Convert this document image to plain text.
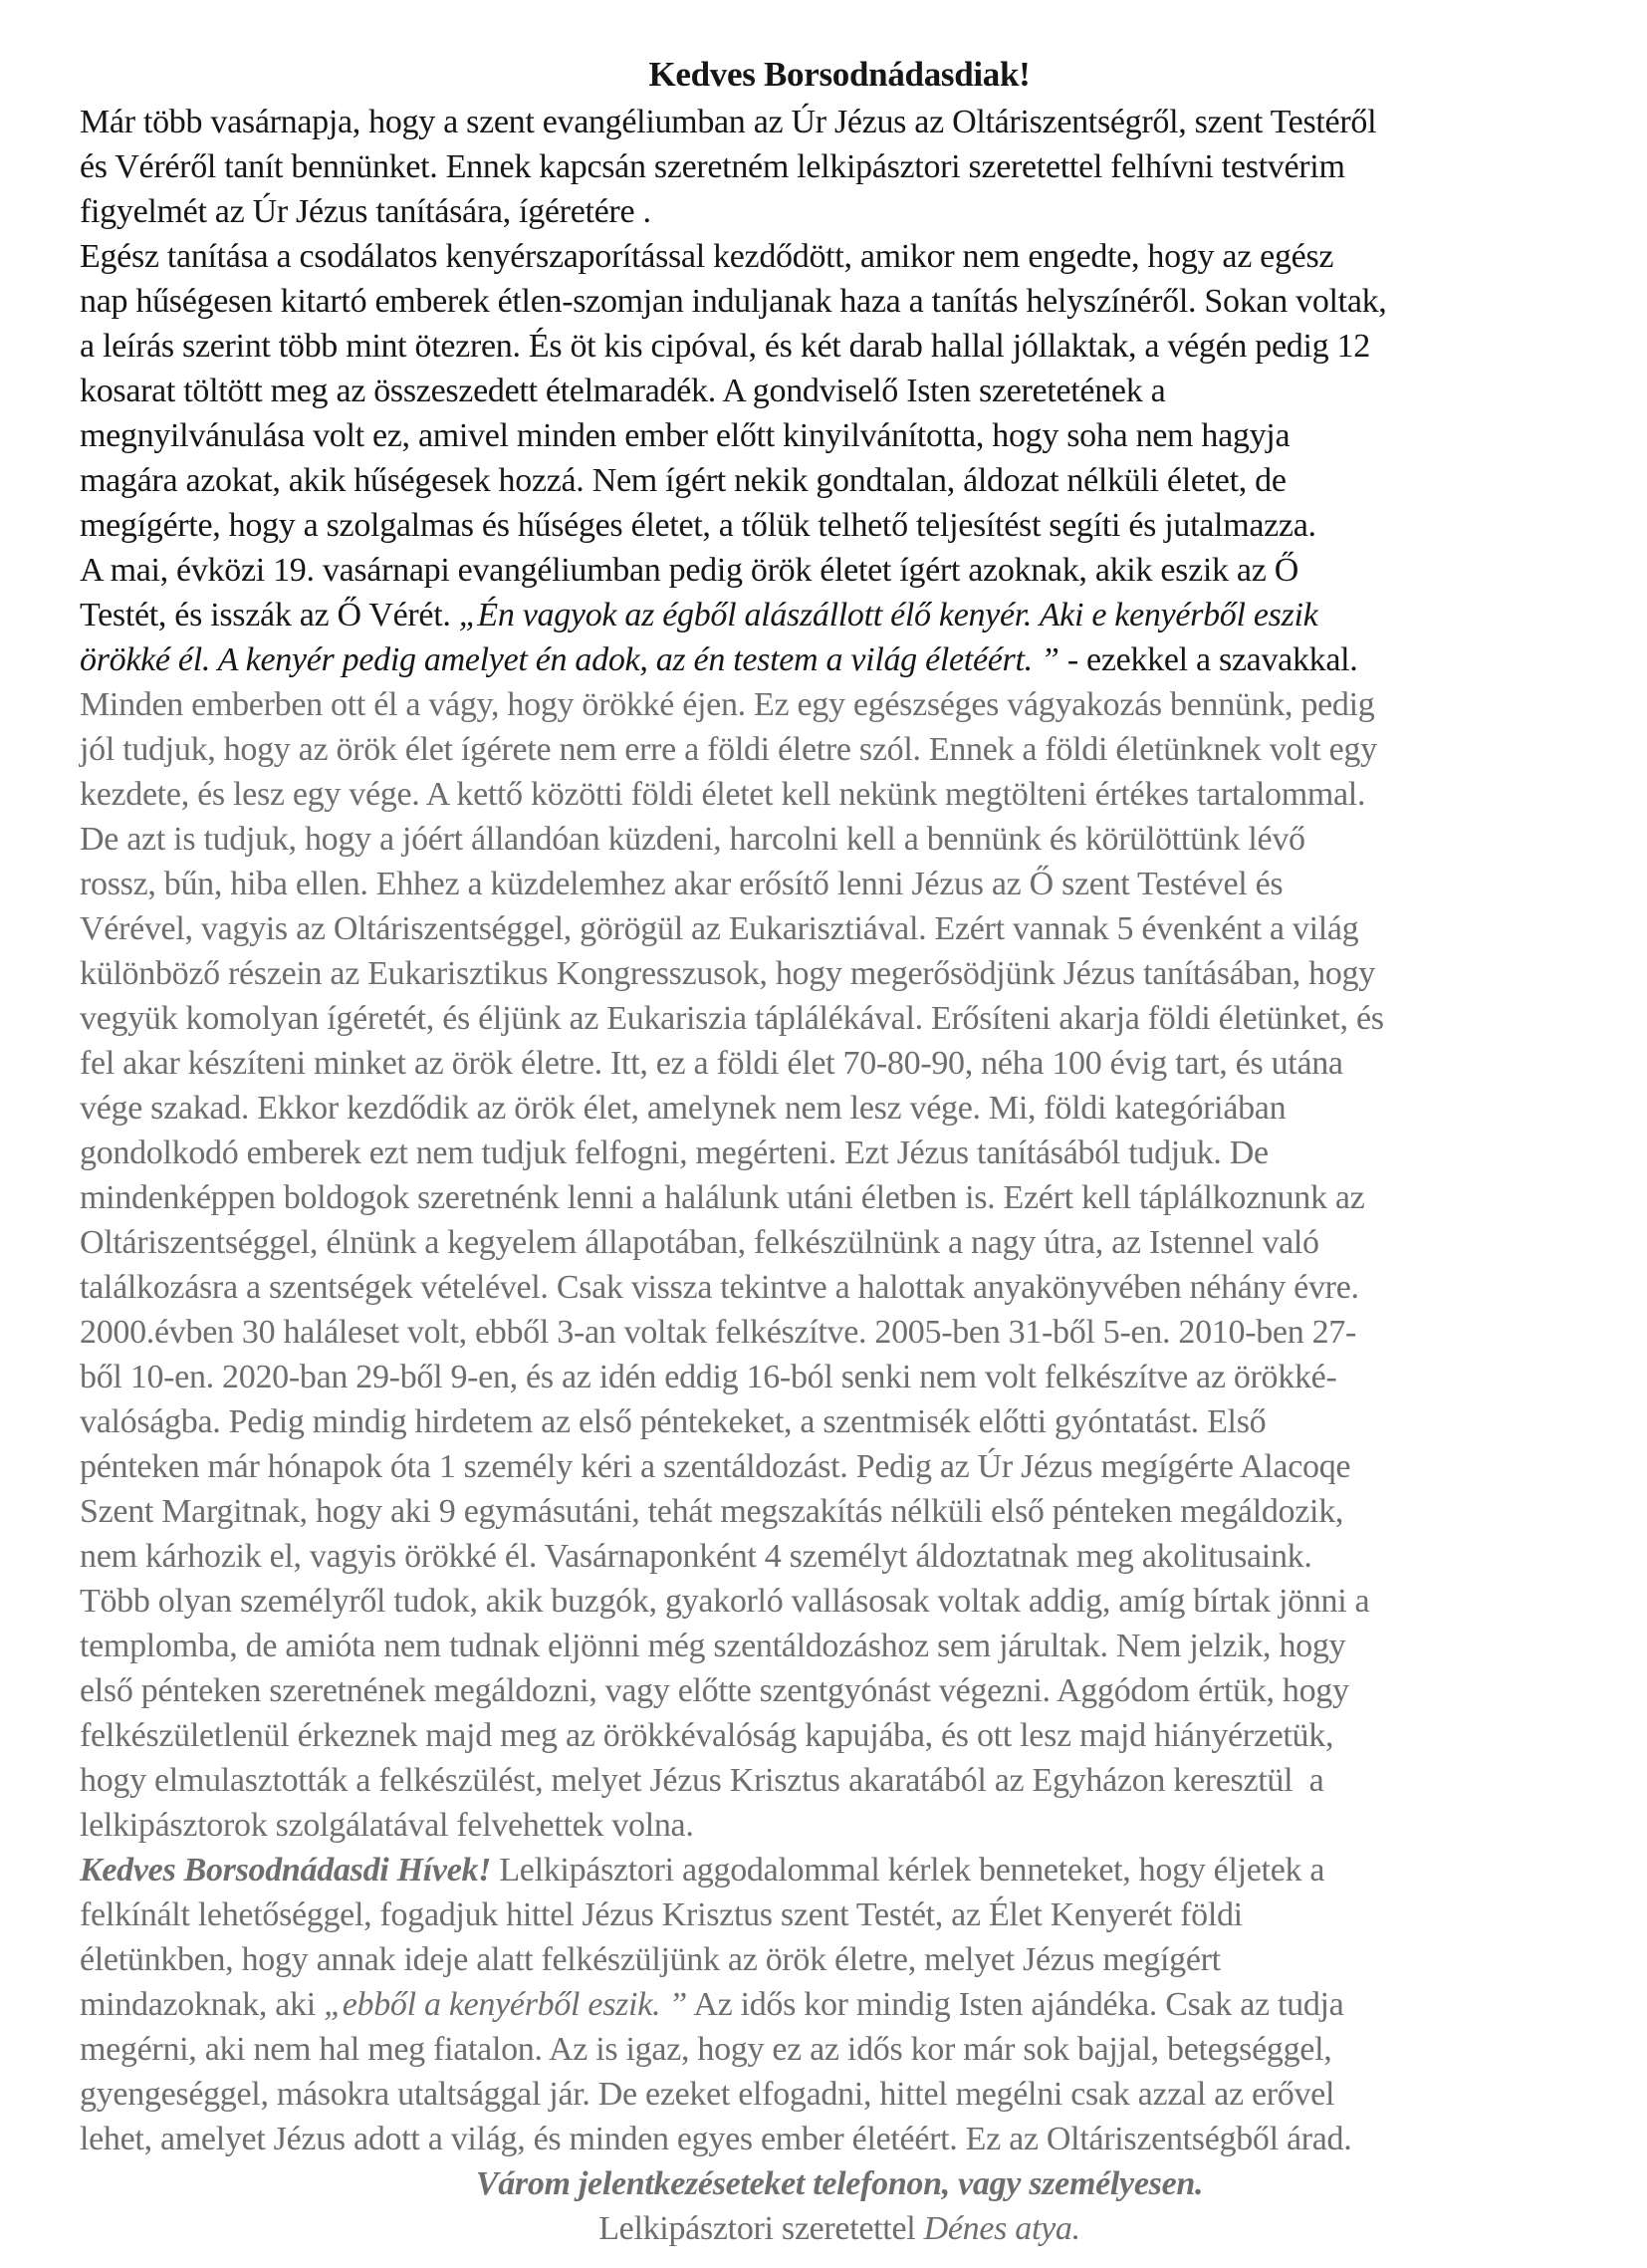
Kedves Borsodnádasdiak!
Már több vasárnapja, hogy a szent evangéliumban az Úr Jézus az Oltáriszentségről, szent Testéről
és Véréről tanít bennünket. Ennek kapcsán szeretném lelkipásztori szeretettel felhívni testvérim
figyelmét az Úr Jézus tanítására, ígéretére .
Egész tanítása a csodálatos kenyérszaporítással kezdődött, amikor nem engedte, hogy az egész
nap hűségesen kitartó emberek étlen-szomjan induljanak haza a tanítás helyszínéről. Sokan voltak,
a leírás szerint több mint ötezren. És öt kis cipóval, és két darab hallal jóllaktak, a végén pedig 12
kosarat töltött meg az összeszedett ételmaradék. A gondviselő Isten szeretetének a
megnyilvánulása volt ez, amivel minden ember előtt kinyilvánította, hogy soha nem hagyja
magára azokat, akik hűségesek hozzá. Nem ígért nekik gondtalan, áldozat nélküli életet, de
megígérte, hogy a szolgalmas és hűséges életet, a tőlük telhető teljesítést segíti és jutalmazza.
A mai, évközi 19. vasárnapi evangéliumban pedig örök életet ígért azoknak, akik eszik az Ő
Testét, és isszák az Ő Vérét. „Én vagyok az égből alászállott élő kenyér. Aki e kenyérből eszik
örökké él. A kenyér pedig amelyet én adok, az én testem a világ életéért. ” - ezekkel a szavakkal.
Minden emberben ott él a vágy, hogy örökké éjen. Ez egy egészséges vágyakozás bennünk, pedig
jól tudjuk, hogy az örök élet ígérete nem erre a földi életre szól. Ennek a földi életünknek volt egy
kezdete, és lesz egy vége. A kettő közötti földi életet kell nekünk megtölteni értékes tartalommal.
De azt is tudjuk, hogy a jóért állandóan küzdeni, harcolni kell a bennünk és körülöttünk lévő
rossz, bűn, hiba ellen. Ehhez a küzdelemhez akar erősítő lenni Jézus az Ő szent Testével és
Vérével, vagyis az Oltáriszentséggel, görögül az Eukarisztiával. Ezért vannak 5 évenként a világ
különböző részein az Eukarisztikus Kongresszusok, hogy megerősödjünk Jézus tanításában, hogy
vegyük komolyan ígéretét, és éljünk az Eukariszia táplálékával. Erősíteni akarja földi életünket, és
fel akar készíteni minket az örök életre. Itt, ez a földi élet 70-80-90, néha 100 évig tart, és utána
vége szakad. Ekkor kezdődik az örök élet, amelynek nem lesz vége. Mi, földi kategóriában
gondolkodó emberek ezt nem tudjuk felfogni, megérteni. Ezt Jézus tanításából tudjuk. De
mindenképpen boldogok szeretnénk lenni a halálunk utáni életben is. Ezért kell táplálkoznunk az
Oltáriszentséggel, élnünk a kegyelem állapotában, felkészülnünk a nagy útra, az Istennel való
találkozásra a szentségek vételével. Csak vissza tekintve a halottak anyakönyvében néhány évre.
2000.évben 30 haláleset volt, ebből 3-an voltak felkészítve. 2005-ben 31-ből 5-en. 2010-ben 27-
ből 10-en. 2020-ban 29-ből 9-en, és az idén eddig 16-ból senki nem volt felkészítve az örökké-
valóságba. Pedig mindig hirdetem az első péntekeket, a szentmisék előtti gyóntatást. Első
pénteken már hónapok óta 1 személy kéri a szentáldozást. Pedig az Úr Jézus megígérte Alacoqe
Szent Margitnak, hogy aki 9 egymásutáni, tehát megszakítás nélküli első pénteken megáldozik,
nem kárhozik el, vagyis örökké él. Vasárnaponként 4 személyt áldoztatnak meg akolitusaink.
Több olyan személyről tudok, akik buzgók, gyakorló vallásosak voltak addig, amíg bírtak jönni a
templomba, de amióta nem tudnak eljönni még szentáldozáshoz sem járultak. Nem jelzik, hogy
első pénteken szeretnének megáldozni, vagy előtte szentgyónást végezni. Aggódom értük, hogy
felkészületlenül érkeznek majd meg az örökkévalóság kapujába, és ott lesz majd hiányérzetük,
hogy elmulasztották a felkészülést, melyet Jézus Krisztus akaratából az Egyházon keresztül  a
lelkipásztorok szolgálatával felvehettek volna.
Kedves Borsodnádasdi Hívek! Lelkipásztori aggodalommal kérlek benneteket, hogy éljetek a
felkínált lehetőséggel, fogadjuk hittel Jézus Krisztus szent Testét, az Élet Kenyerét földi
életünkben, hogy annak ideje alatt felkészüljünk az örök életre, melyet Jézus megígért
mindazoknak, aki „ebből a kenyérből eszik. ” Az idős kor mindig Isten ajándéka. Csak az tudja
megérni, aki nem hal meg fiatalon. Az is igaz, hogy ez az idős kor már sok bajjal, betegséggel,
gyengeséggel, másokra utaltsággal jár. De ezeket elfogadni, hittel megélni csak azzal az erővel
lehet, amelyet Jézus adott a világ, és minden egyes ember életéért. Ez az Oltáriszentségből árad.
Várom jelentkezéseteket telefonon, vagy személyesen.
Lelkipásztori szeretettel Dénes atya.
